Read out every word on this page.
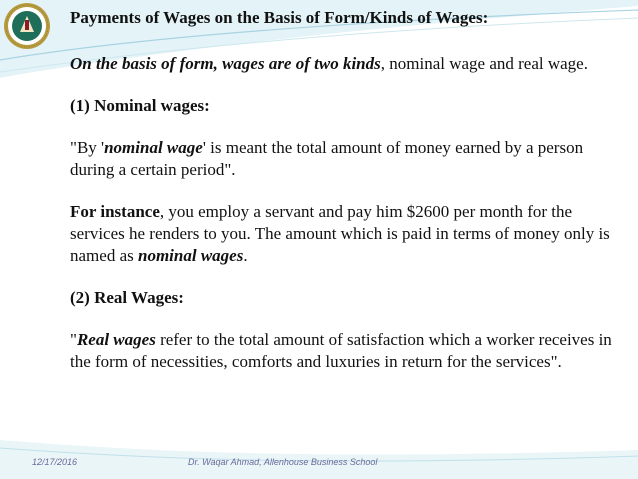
Payments of Wages on the Basis of Form/Kinds of Wages:

On the basis of form, wages are of two kinds, nominal wage and real wage.

(1) Nominal wages:

"By 'nominal wage' is meant the total amount of money earned by a person during a certain period".

For instance, you employ a servant and pay him $2600 per month for the services he renders to you. The amount which is paid in terms of money only is named as nominal wages.

(2) Real Wages:

"Real wages refer to the total amount of satisfaction which a worker receives in the form of necessities, comforts and luxuries in return for the services".

12/17/2016	Dr. Waqar Ahmad, Allenhouse Business School
